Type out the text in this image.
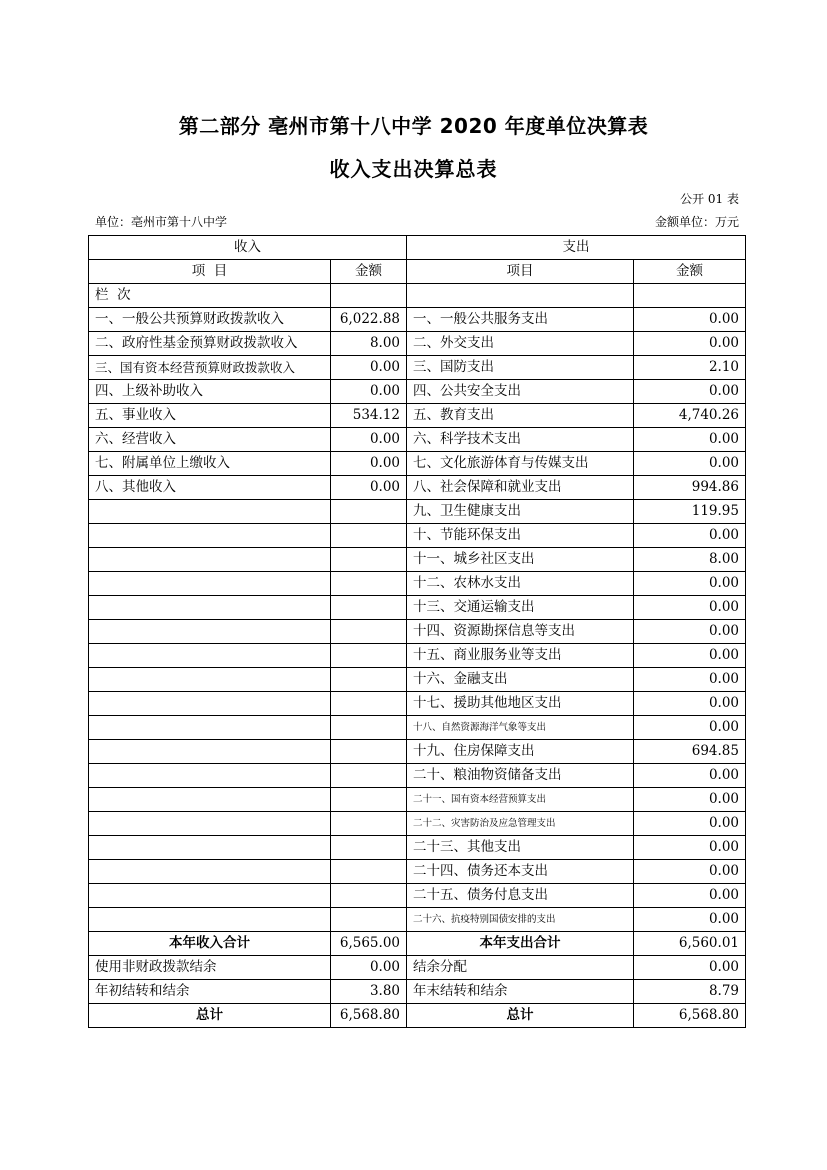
第二部分 亳州市第十八中学 2020 年度单位决算表
收入支出决算总表
公开 01 表
单位：亳州市第十八中学	金额单位：万元
收入		支出	
项  目	金额	项目	金额
栏  次			
一、一般公共预算财政拨款收入	6,022.88	一、一般公共服务支出	0.00
二、政府性基金预算财政拨款收入	8.00	二、外交支出	0.00
三、国有资本经营预算财政拨款收入	0.00	三、国防支出	2.10
四、上级补助收入	0.00	四、公共安全支出	0.00
五、事业收入	534.12	五、教育支出	4,740.26
六、经营收入	0.00	六、科学技术支出	0.00
七、附属单位上缴收入	0.00	七、文化旅游体育与传媒支出	0.00
八、其他收入	0.00	八、社会保障和就业支出	994.86
		九、卫生健康支出	119.95
		十、节能环保支出	0.00
		十一、城乡社区支出	8.00
		十二、农林水支出	0.00
		十三、交通运输支出	0.00
		十四、资源勘探信息等支出	0.00
		十五、商业服务业等支出	0.00
		十六、金融支出	0.00
		十七、援助其他地区支出	0.00
		十八、自然资源海洋气象等支出	0.00
		十九、住房保障支出	694.85
		二十、粮油物资储备支出	0.00
		二十一、国有资本经营预算支出	0.00
		二十二、灾害防治及应急管理支出	0.00
		二十三、其他支出	0.00
		二十四、债务还本支出	0.00
		二十五、债务付息支出	0.00
		二十六、抗疫特别国债安排的支出	0.00
本年收入合计	6,565.00	本年支出合计	6,560.01
使用非财政拨款结余	0.00	结余分配	0.00
年初结转和结余	3.80	年末结转和结余	8.79
总计	6,568.80	总计	6,568.80
